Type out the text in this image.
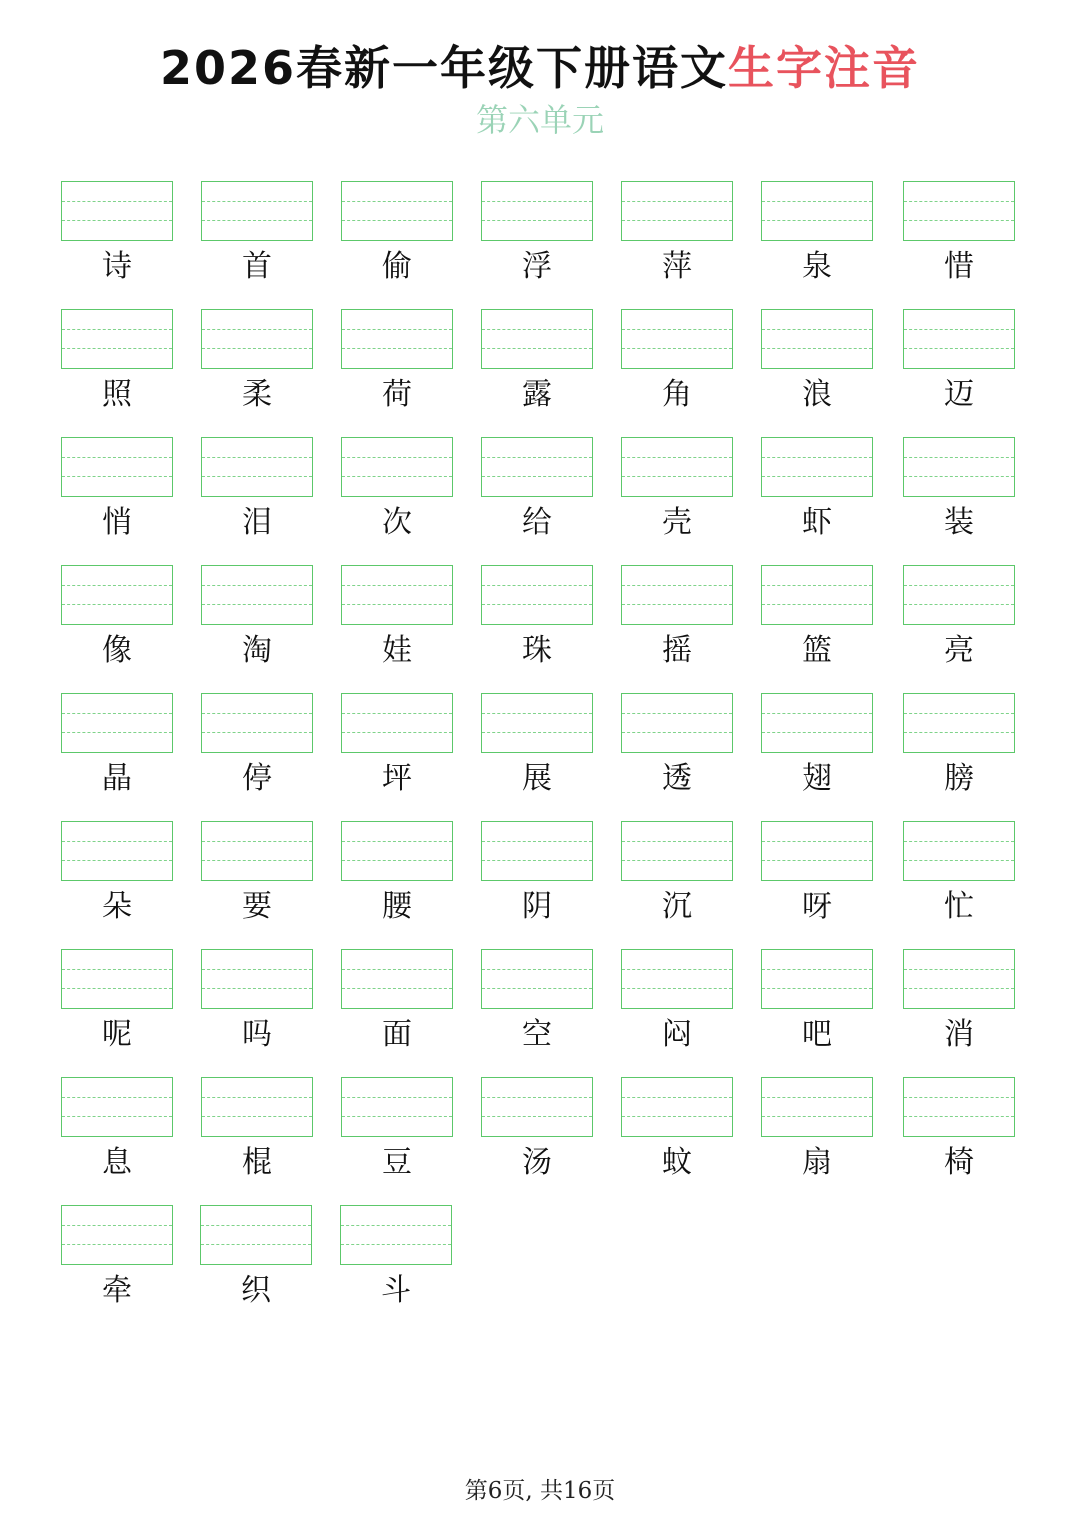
2026春新一年级下册语文生字注音
第六单元
诗	首	偷	浮	萍	泉	惜
照	柔	荷	露	角	浪	迈
悄	泪	次	给	壳	虾	装
像	淘	娃	珠	摇	篮	亮
晶	停	坪	展	透	翅	膀
朵	要	腰	阴	沉	呀	忙
呢	吗	面	空	闷	吧	消
息	棍	豆	汤	蚊	扇	椅
牵	织	斗
第6页, 共16页
